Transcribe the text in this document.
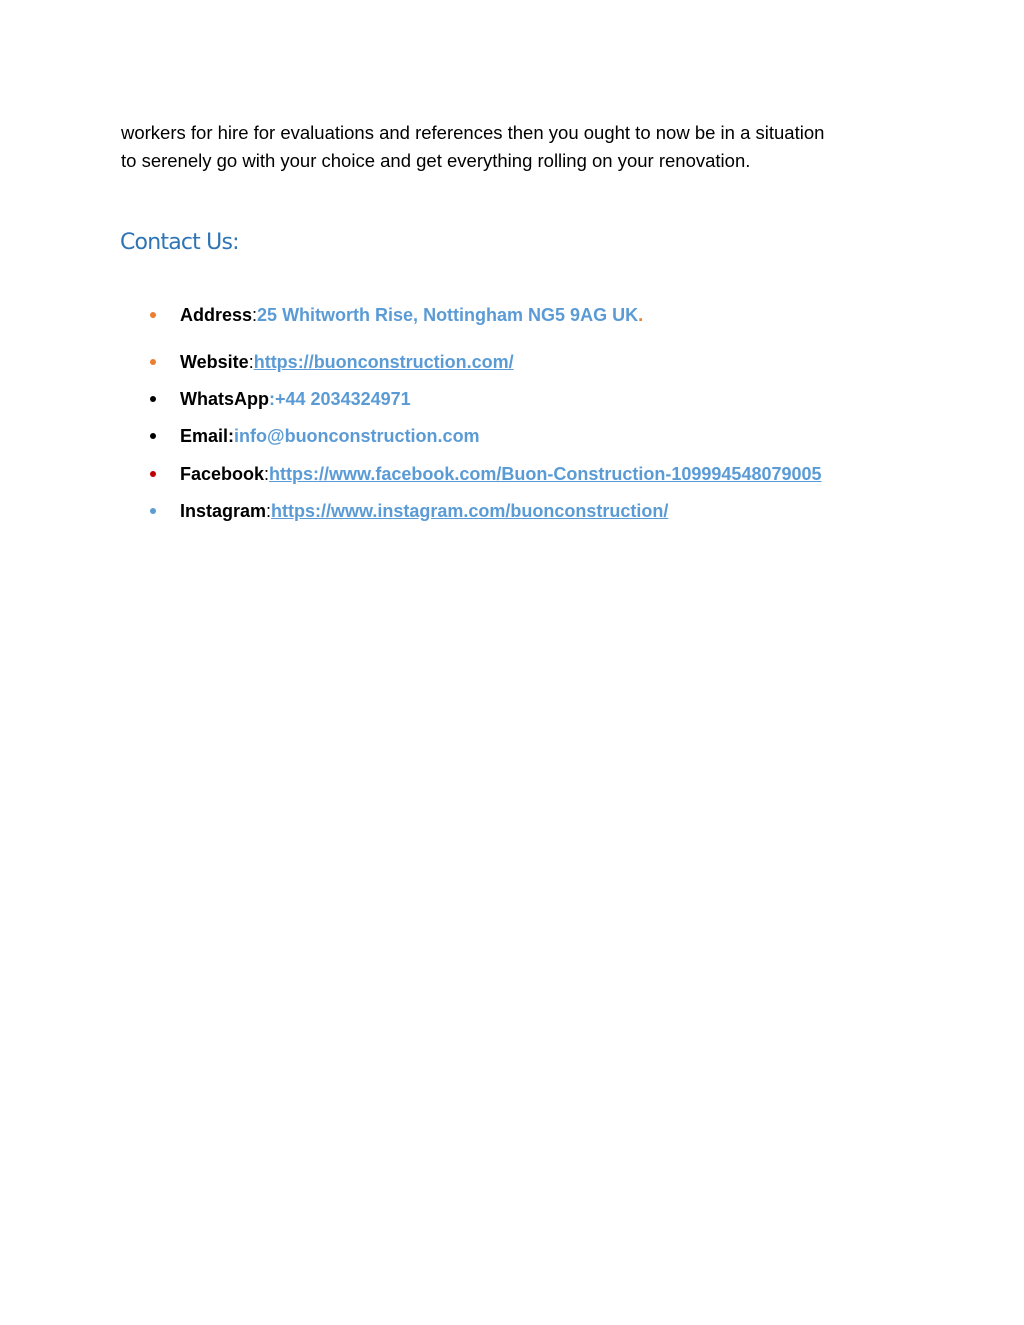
workers for hire for evaluations and references then you ought to now be in a situation
to serenely go with your choice and get everything rolling on your renovation.

Contact Us:
Address : 25 Whitworth Rise, Nottingham NG5 9AG UK .
Website : https://buonconstruction.com/
WhatsApp : +44 2034324971
Email: info@buonconstruction.com
Facebook : https://www.facebook.com/Buon-Construction-109994548079005
Instagram : https://www.instagram.com/buonconstruction/
